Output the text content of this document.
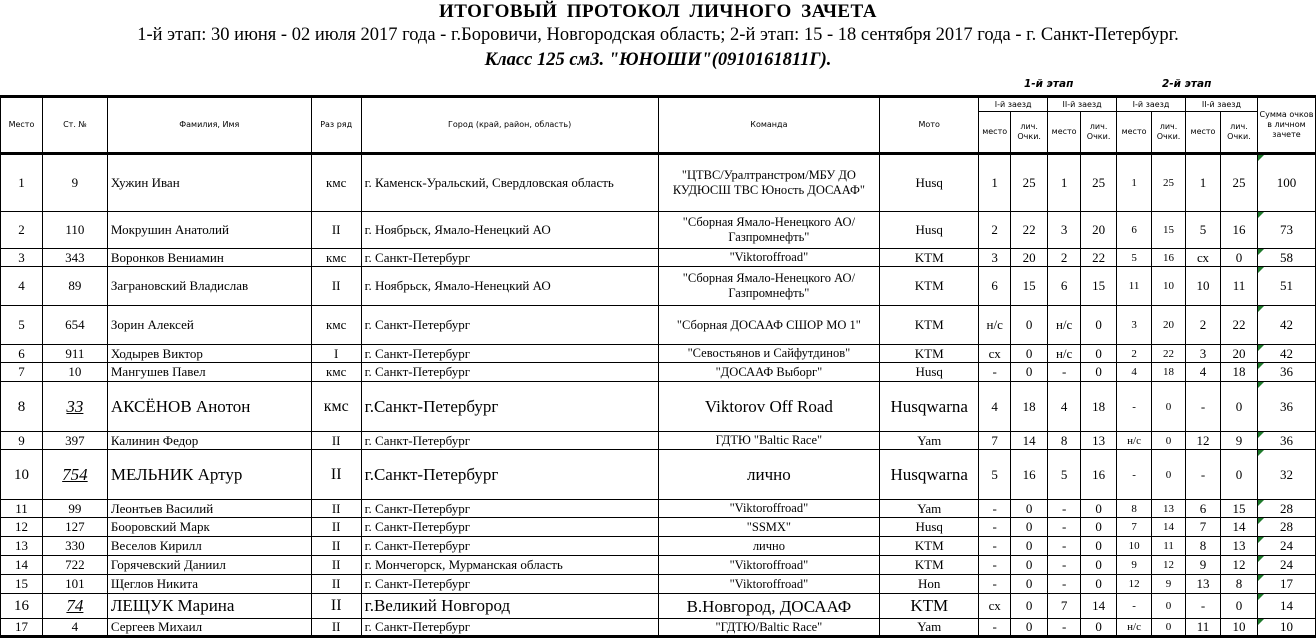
ИТОГОВЫЙ ПРОТОКОЛ ЛИЧНОГО ЗАЧЕТА
1-й этап: 30 июня - 02 июля 2017 года - г.Боровичи, Новгородская область; 2-й этап: 15 - 18 сентября 2017 года - г. Санкт-Петербург.
Класс 125 см3. "ЮНОШИ"(0910161811Г).
1-й этап	2-й этап
Место	Ст. №	Фамилия, Имя	Раз ряд	Город (край, район, область)	Команда	Мото	I-й заезд		II-й заезд		I-й заезд		II-й заезд		Сумма очков в личном зачете
							место	лич. Очки.	место	лич. Очки.	место	лич. Очки.	место	лич. Очки.	
1	9	Хужин Иван	кмс	г. Каменск-Уральский, Свердловская область	"ЦТВС/Уралтранстром/МБУ ДО КУДЮСШ ТВС Юность ДОСААФ"	Husq	1	25	1	25	1	25	1	25	100
2	110	Мокрушин Анатолий	II	г. Ноябрьск, Ямало-Ненецкий АО	"Сборная Ямало-Ненецкого АО/Газпромнефть"	Husq	2	22	3	20	6	15	5	16	73
3	343	Воронков Вениамин	кмс	г. Санкт-Петербург	"Viktoroffroad"	KTM	3	20	2	22	5	16	сх	0	58
4	89	Заграновский Владислав	II	г. Ноябрьск, Ямало-Ненецкий АО	"Сборная Ямало-Ненецкого АО/Газпромнефть"	KTM	6	15	6	15	11	10	10	11	51
5	654	Зорин Алексей	кмс	г. Санкт-Петербург	"Сборная ДОСААФ СШОР МО 1"	KTM	н/с	0	н/с	0	3	20	2	22	42
6	911	Ходырев Виктор	I	г. Санкт-Петербург	"Севостьянов и Сайфутдинов"	KTM	сх	0	н/с	0	2	22	3	20	42
7	10	Мангушев Павел	кмс	г. Санкт-Петербург	"ДОСААФ Выборг"	Husq	-	0	-	0	4	18	4	18	36
8	33	АКСЁНОВ Анотон	кмс	г.Санкт-Петербург	Viktorov Off Road	Husqwarna	4	18	4	18	-	0	-	0	36
9	397	Калинин Федор	II	г. Санкт-Петербург	ГДТЮ "Baltic Race"	Yam	7	14	8	13	н/с	0	12	9	36
10	754	МЕЛЬНИК Артур	II	г.Санкт-Петербург	лично	Husqwarna	5	16	5	16	-	0	-	0	32
11	99	Леонтьев Василий	II	г. Санкт-Петербург	"Viktoroffroad"	Yam	-	0	-	0	8	13	6	15	28
12	127	Бооровский Марк	II	г. Санкт-Петербург	"SSMX"	Husq	-	0	-	0	7	14	7	14	28
13	330	Веселов Кирилл	II	г. Санкт-Петербург	лично	KTM	-	0	-	0	10	11	8	13	24
14	722	Горячевский Даниил	II	г. Мончегорск, Мурманская область	"Viktoroffroad"	KTM	-	0	-	0	9	12	9	12	24
15	101	Щеглов Никита	II	г. Санкт-Петербург	"Viktoroffroad"	Hon	-	0	-	0	12	9	13	8	17
16	74	ЛЕЩУК Марина	II	г.Великий Новгород	В.Новгород, ДОСААФ	KTM	сх	0	7	14	-	0	-	0	14
17	4	Сергеев Михаил	II	г. Санкт-Петербург	"ГДТЮ/Baltic Race"	Yam	-	0	-	0	н/с	0	11	10	10
